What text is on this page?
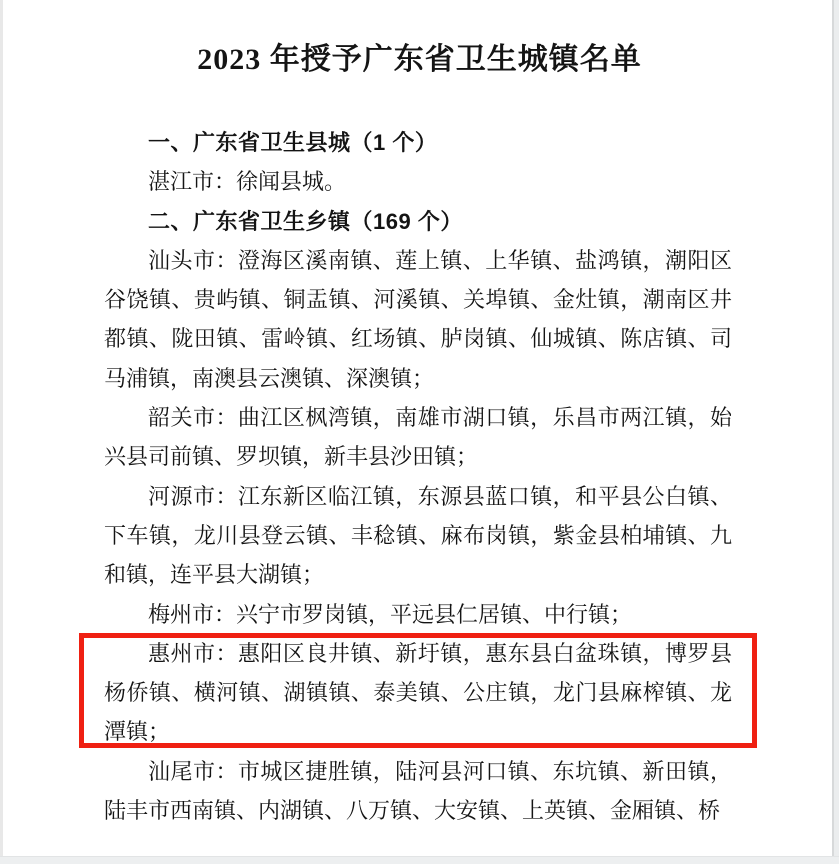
2023 年授予广东省卫生城镇名单
一、广东省卫生县城（1 个）

湛江市：徐闻县城。

二、广东省卫生乡镇（169 个）

汕头市：澄海区溪南镇、莲上镇、上华镇、盐鸿镇，潮阳区谷饶镇、贵屿镇、铜盂镇、河溪镇、关埠镇、金灶镇，潮南区井都镇、陇田镇、雷岭镇、红场镇、胪岗镇、仙城镇、陈店镇、司马浦镇，南澳县云澳镇、深澳镇；

韶关市：曲江区枫湾镇，南雄市湖口镇，乐昌市两江镇，始兴县司前镇、罗坝镇，新丰县沙田镇；

河源市：江东新区临江镇，东源县蓝口镇，和平县公白镇、下车镇，龙川县登云镇、丰稔镇、麻布岗镇，紫金县柏埔镇、九和镇，连平县大湖镇；

梅州市：兴宁市罗岗镇，平远县仁居镇、中行镇；

惠州市：惠阳区良井镇、新圩镇，惠东县白盆珠镇，博罗县杨侨镇、横河镇、湖镇镇、泰美镇、公庄镇，龙门县麻榨镇、龙潭镇；

汕尾市：市城区捷胜镇，陆河县河口镇、东坑镇、新田镇，陆丰市西南镇、内湖镇、八万镇、大安镇、上英镇、金厢镇、桥
